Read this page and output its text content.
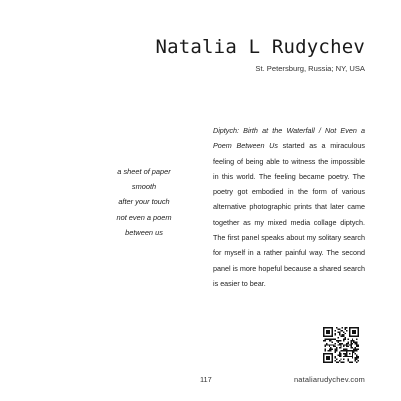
Natalia L Rudychev
St. Petersburg, Russia; NY, USA
a sheet of paper
smooth
after your touch
not even a poem
between us
Diptych: Birth at the Waterfall / Not Even a Poem Between Us started as a miraculous feeling of being able to witness the impossible in this world. The feeling became poetry. The poetry got embodied in the form of various alternative photographic prints that later came together as my mixed media collage diptych. The first panel speaks about my solitary search for myself in a rather painful way. The second panel is more hopeful because a shared search is easier to bear.
117	nataliarudychev.com
